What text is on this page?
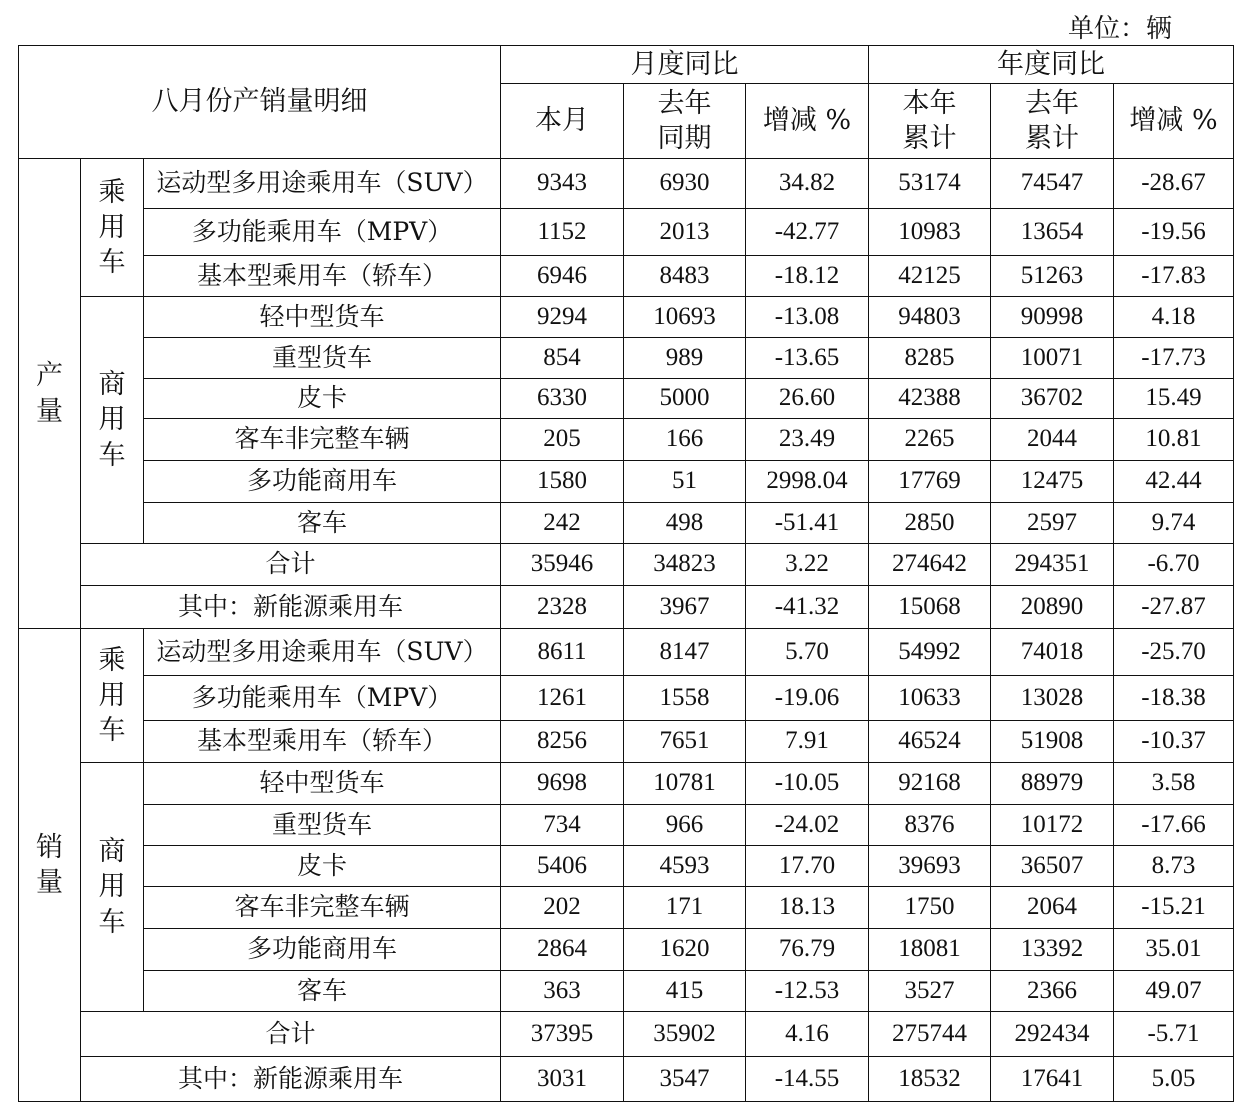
单位：辆
八月份产销量明细			月度同比			年度同比		
			本月	去年同期	增减 %	本年累计	去年累计	增减 %
产量	乘用车	运动型多用途乘用车（SUV）	9343	6930	34.82	53174	74547	-28.67
		多功能乘用车（MPV）	1152	2013	-42.77	10983	13654	-19.56
		基本型乘用车（轿车）	6946	8483	-18.12	42125	51263	-17.83
	商用车	轻中型货车	9294	10693	-13.08	94803	90998	4.18
		重型货车	854	989	-13.65	8285	10071	-17.73
		皮卡	6330	5000	26.60	42388	36702	15.49
		客车非完整车辆	205	166	23.49	2265	2044	10.81
		多功能商用车	1580	51	2998.04	17769	12475	42.44
		客车	242	498	-51.41	2850	2597	9.74
	合计		35946	34823	3.22	274642	294351	-6.70
	其中：新能源乘用车		2328	3967	-41.32	15068	20890	-27.87
销量	乘用车	运动型多用途乘用车（SUV）	8611	8147	5.70	54992	74018	-25.70
		多功能乘用车（MPV）	1261	1558	-19.06	10633	13028	-18.38
		基本型乘用车（轿车）	8256	7651	7.91	46524	51908	-10.37
	商用车	轻中型货车	9698	10781	-10.05	92168	88979	3.58
		重型货车	734	966	-24.02	8376	10172	-17.66
		皮卡	5406	4593	17.70	39693	36507	8.73
		客车非完整车辆	202	171	18.13	1750	2064	-15.21
		多功能商用车	2864	1620	76.79	18081	13392	35.01
		客车	363	415	-12.53	3527	2366	49.07
	合计		37395	35902	4.16	275744	292434	-5.71
	其中：新能源乘用车		3031	3547	-14.55	18532	17641	5.05
